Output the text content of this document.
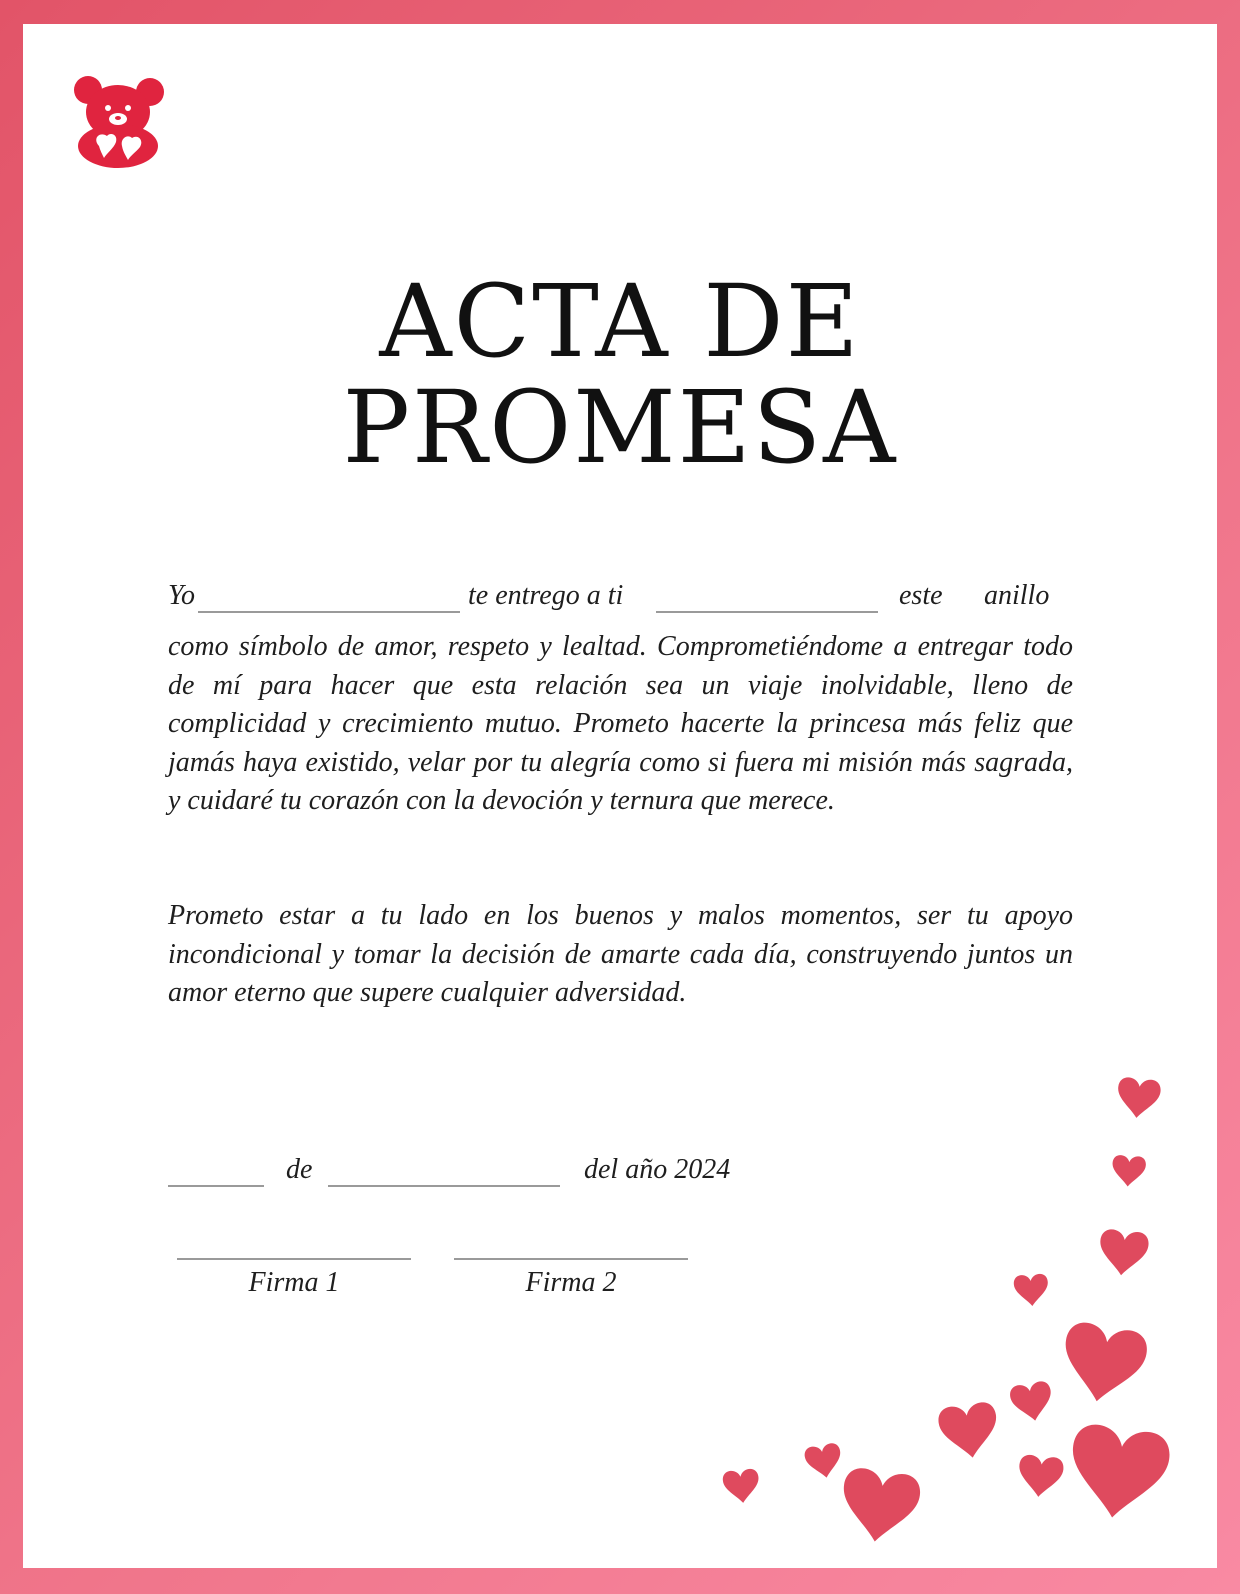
ACTA DE
PROMESA
Yo	te entrego a ti	este anillo

como símbolo de amor, respeto y lealtad. Comprometiéndome a entregar todo de mí para hacer que esta relación sea un viaje inolvidable, lleno de complicidad y crecimiento mutuo. Prometo hacerte la princesa más feliz que jamás haya existido, velar por tu alegría como si fuera mi misión más sagrada, y cuidaré tu corazón con la devoción y ternura que merece.

Prometo estar a tu lado en los buenos y malos momentos, ser tu apoyo incondicional y tomar la decisión de amarte cada día, construyendo juntos un amor eterno que supere cualquier adversidad.

de	del año 2024
Firma 1	Firma 2
